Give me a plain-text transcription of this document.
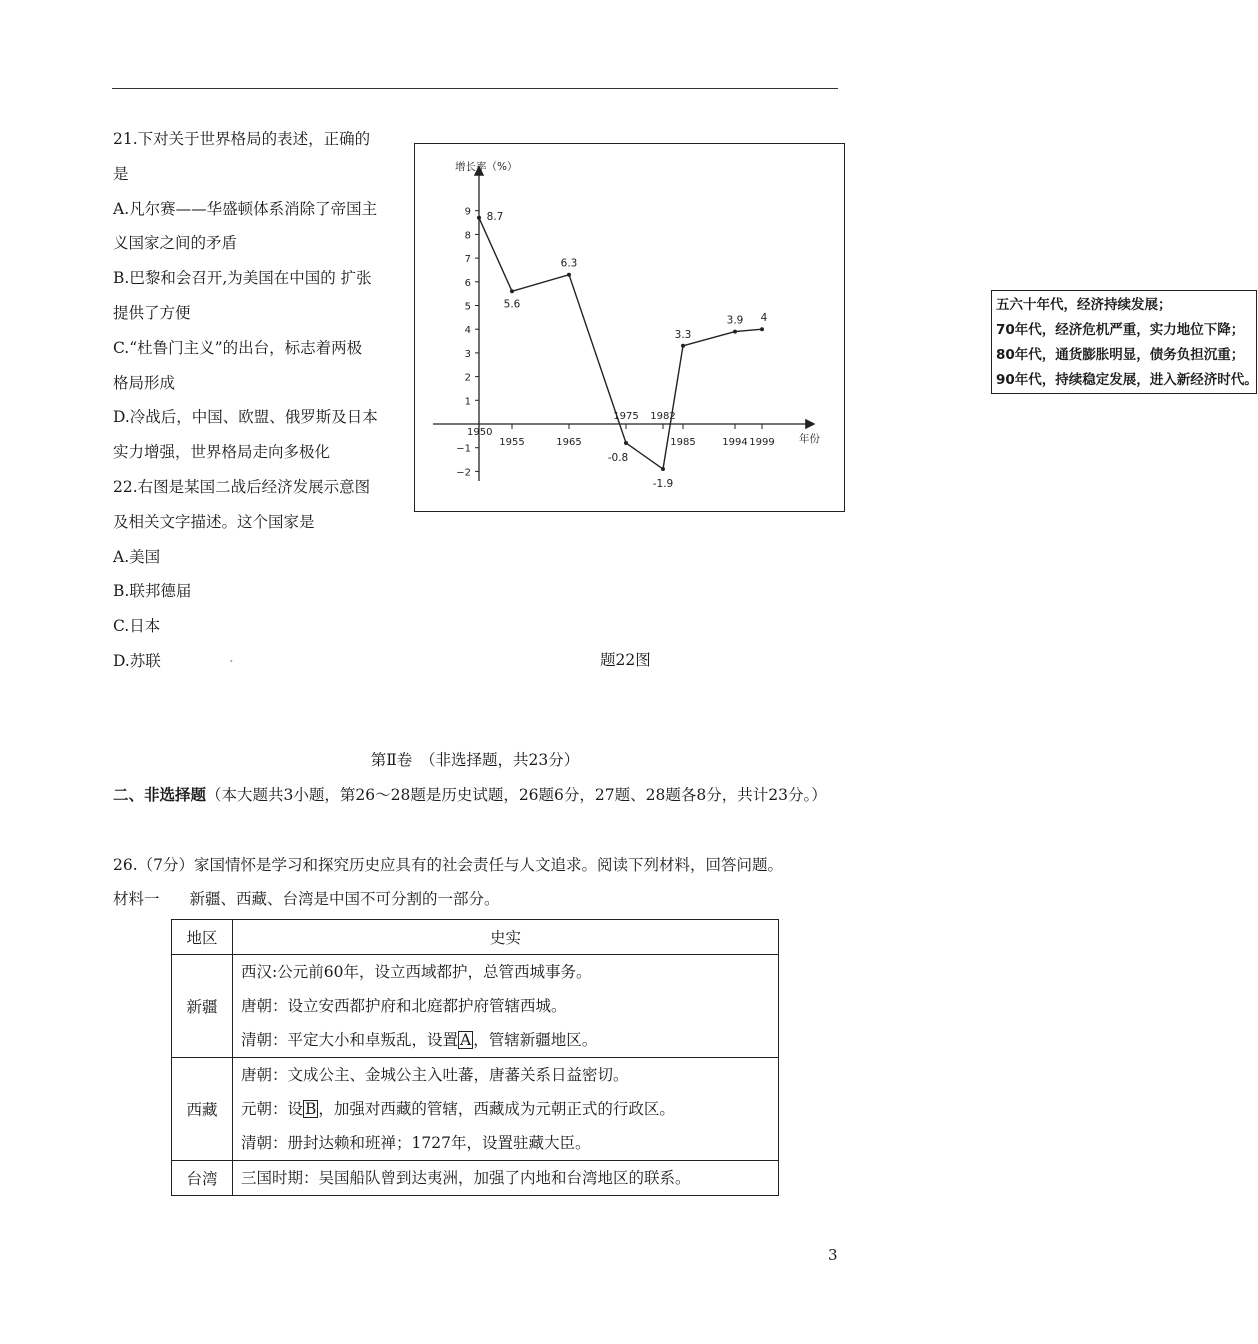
21.下对关于世界格局的表述，正确的
是
A.凡尔赛——华盛顿体系消除了帝国主
义国家之间的矛盾
B.巴黎和会召开,为美国在中国的 扩张
提供了方便
C.“杜鲁门主义”的出台，标志着两极
格局形成
D.冷战后，中国、欧盟、俄罗斯及日本
实力增强，世界格局走向多极化
22.右图是某国二战后经济发展示意图
及相关文字描述。这个国家是
A.美国
B.联邦德届
C.日本
D.苏联
增长率（%）
年份
1950
−2
−1
1
2
3
4
5
6
7
8
9
1955	1965
1975 1982
1985	1994 1999
8.7
5.6
6.3
-0.8
-1.9
3.3
3.9 4
五六十年代，经济持续发展；
70年代，经济危机严重，实力地位下降；
80年代，通货膨胀明显，债务负担沉重；
90年代，持续稳定发展，进入新经济时代。
.	题22图
第Ⅱ卷　（非选择题，共23分）
二、非选择题（本大题共3小题，第26～28题是历史试题，26题6分，27题、28题各8分，共计23分。）
26.（7分）家国情怀是学习和探究历史应具有的社会责任与人文追求。阅读下列材料，回答问题。
材料一 新疆、西藏、台湾是中国不可分割的一部分。
地区	史实
新疆	西汉:公元前60年，设立西域都护，总管西城事务。
唐朝：设立安西都护府和北庭都护府管辖西城。
清朝：平定大小和卓叛乱，设置 A ，管辖新疆地区。

西藏	唐朝：文成公主、金城公主入吐蕃，唐蕃关系日益密切。
元朝：设 B ，加强对西藏的管辖，西藏成为元朝正式的行政区。
清朝：册封达赖和班禅；1727年，设置驻藏大臣。

台湾	三国时期：吴国船队曾到达夷洲，加强了内地和台湾地区的联系。
3
